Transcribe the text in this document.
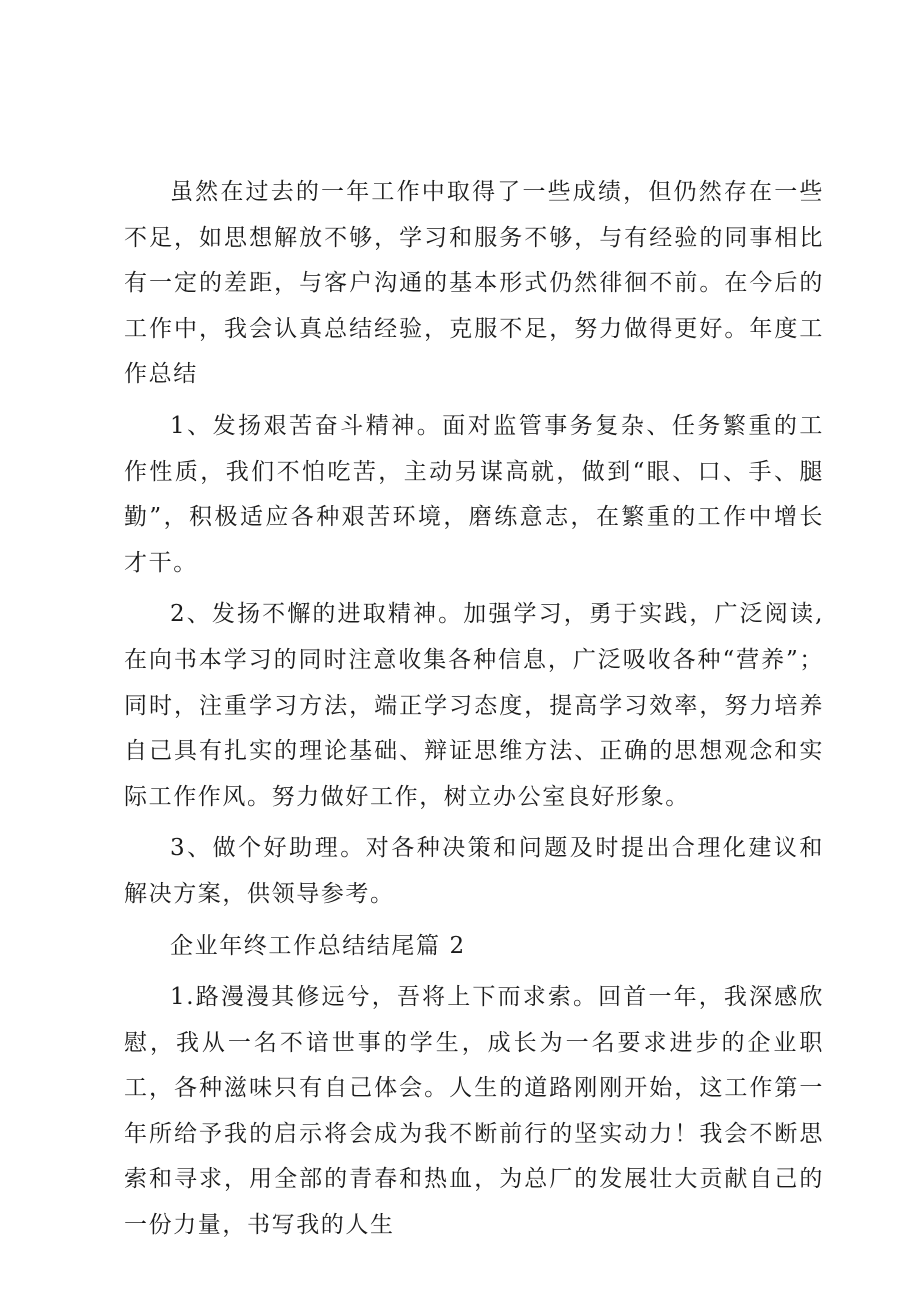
虽然在过去的一年工作中取得了一些成绩，但仍然存在一些不足，如思想解放不够，学习和服务不够，与有经验的同事相比有一定的差距，与客户沟通的基本形式仍然徘徊不前。在今后的工作中，我会认真总结经验，克服不足，努力做得更好。年度工作总结

1、发扬艰苦奋斗精神。面对监管事务复杂、任务繁重的工作性质，我们不怕吃苦，主动另谋高就，做到“眼、口、手、腿勤”，积极适应各种艰苦环境，磨练意志，在繁重的工作中增长才干。

2、发扬不懈的进取精神。加强学习，勇于实践，广泛阅读,在向书本学习的同时注意收集各种信息，广泛吸收各种“营养”；同时，注重学习方法，端正学习态度，提高学习效率，努力培养自己具有扎实的理论基础、辩证思维方法、正确的思想观念和实际工作作风。努力做好工作，树立办公室良好形象。

3、做个好助理。对各种决策和问题及时提出合理化建议和解决方案，供领导参考。

企业年终工作总结结尾篇 2

1.路漫漫其修远兮，吾将上下而求索。回首一年，我深感欣慰，我从一名不谙世事的学生，成长为一名要求进步的企业职工，各种滋味只有自己体会。人生的道路刚刚开始，这工作第一年所给予我的启示将会成为我不断前行的坚实动力！我会不断思索和寻求，用全部的青春和热血，为总厂的发展壮大贡献自己的一份力量，书写我的人生
